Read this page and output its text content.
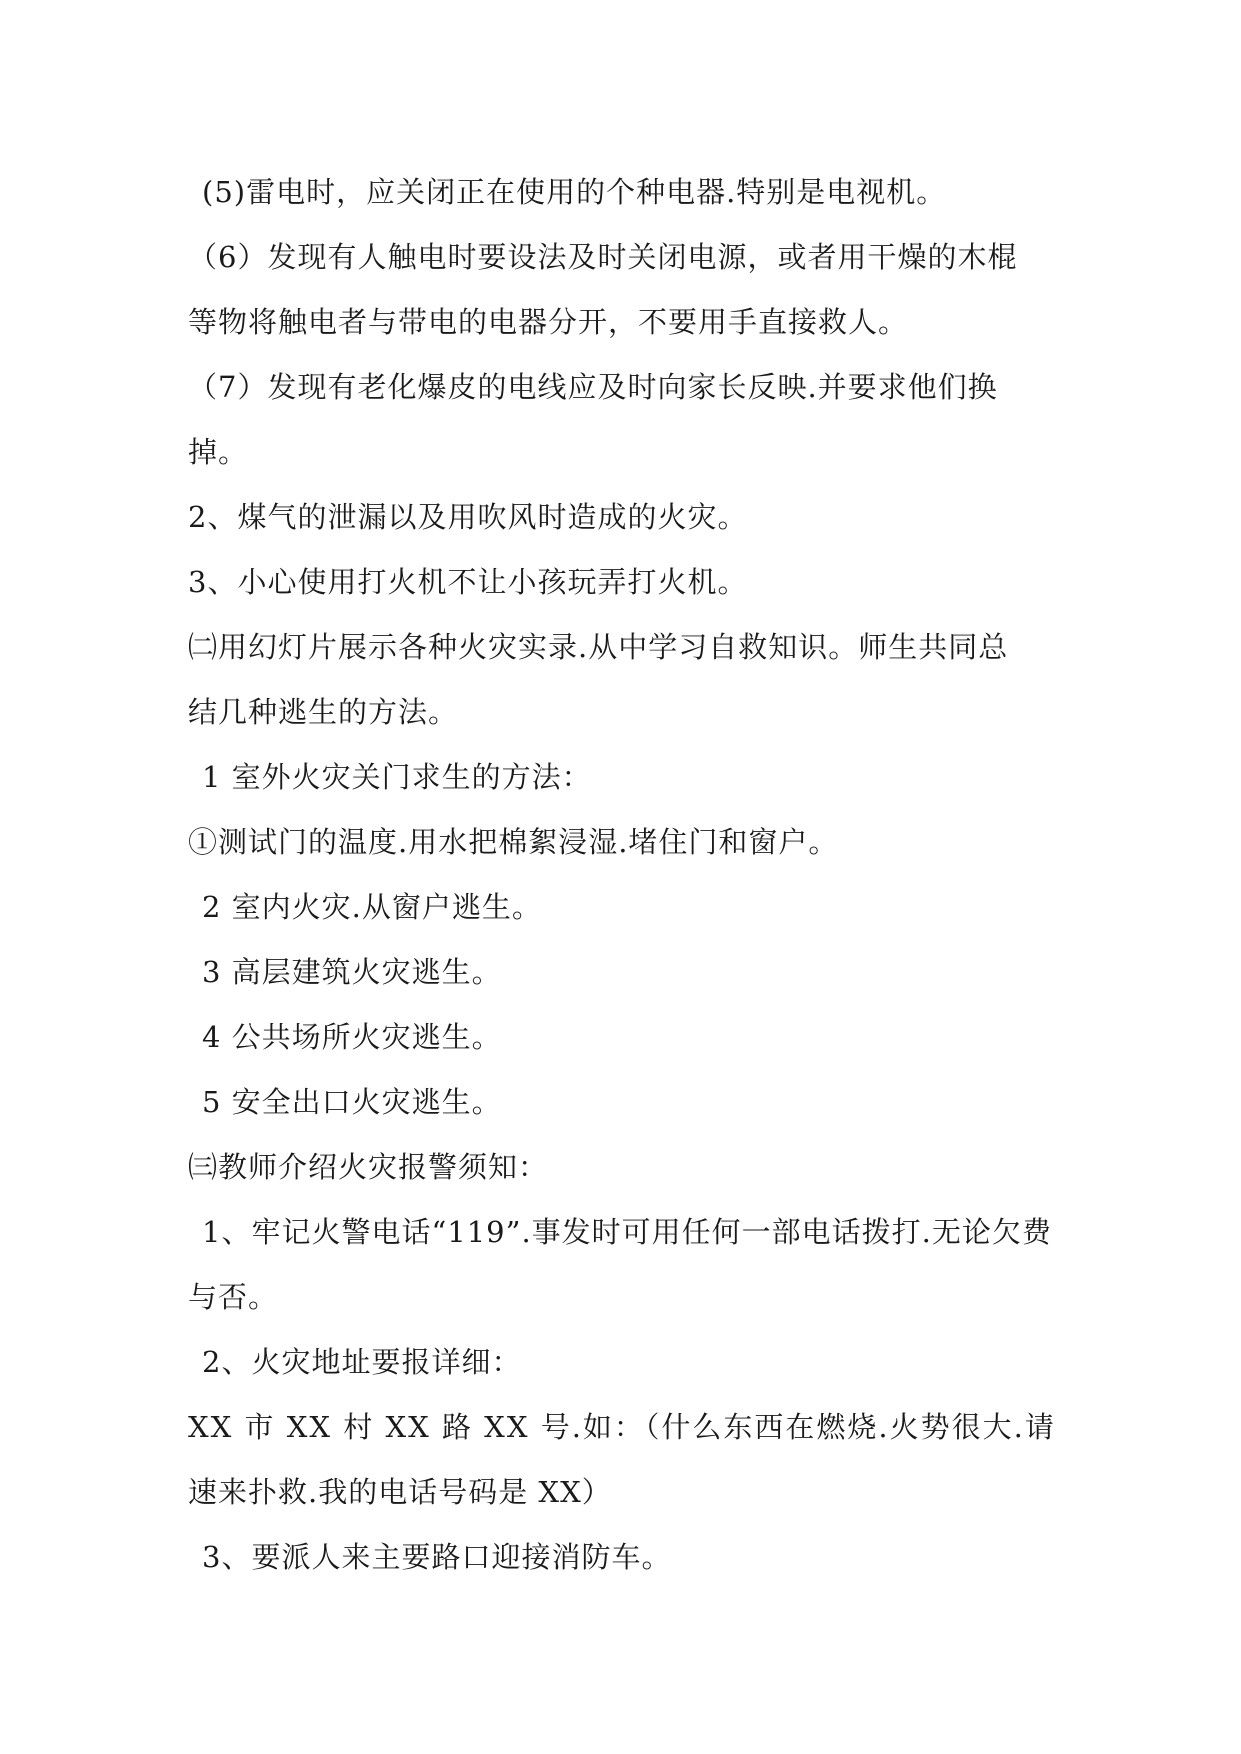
(5)雷电时，应关闭正在使用的个种电器.特别是电视机。
（6）发现有人触电时要设法及时关闭电源，或者用干燥的木棍
等物将触电者与带电的电器分开，不要用手直接救人。
（7）发现有老化爆皮的电线应及时向家长反映.并要求他们换
掉。
2、煤气的泄漏以及用吹风时造成的火灾。
3、小心使用打火机不让小孩玩弄打火机。
㈡用幻灯片展示各种火灾实录.从中学习自救知识。师生共同总
结几种逃生的方法。
1 室外火灾关门求生的方法：
①测试门的温度.用水把棉絮浸湿.堵住门和窗户。
2 室内火灾.从窗户逃生。
3 高层建筑火灾逃生。
4 公共场所火灾逃生。
5 安全出口火灾逃生。
㈢教师介绍火灾报警须知：
1、牢记火警电话“119”.事发时可用任何一部电话拨打.无论欠费
与否。
2、火灾地址要报详细：
XX 市 XX 村 XX 路 XX 号.如：（什么东西在燃烧.火势很大.请
速来扑救.我的电话号码是 XX）
3、要派人来主要路口迎接消防车。
